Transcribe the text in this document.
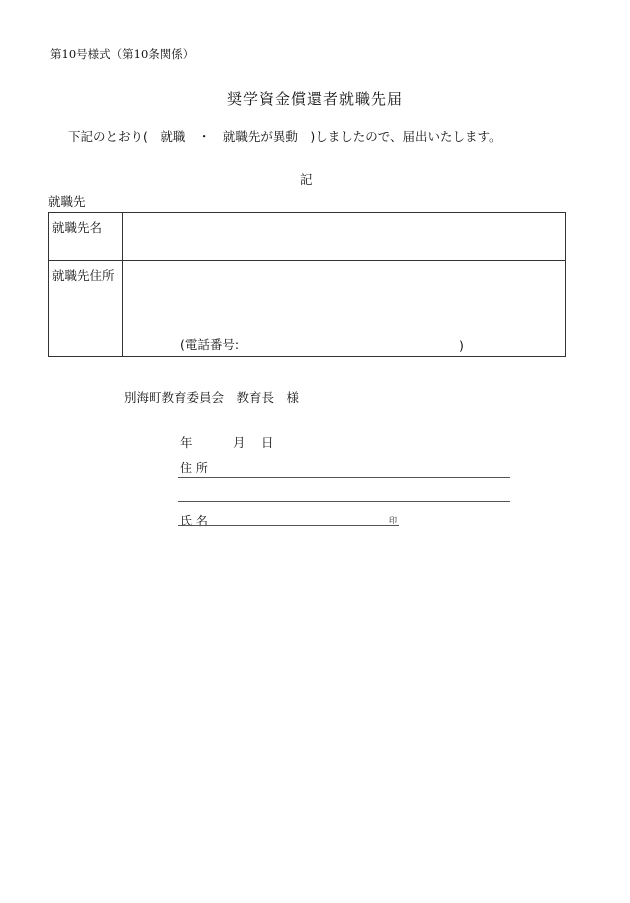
第10号様式（第10条関係）
奨学資金償還者就職先届
下記のとおり(　就職　・　就職先が異動　)しましたので、届出いたします。
記
就職先
就職先名	
就職先住所	(電話番号: )
別海町教育委員会　教育長　様
年	月 日
住 所
氏 名	印
